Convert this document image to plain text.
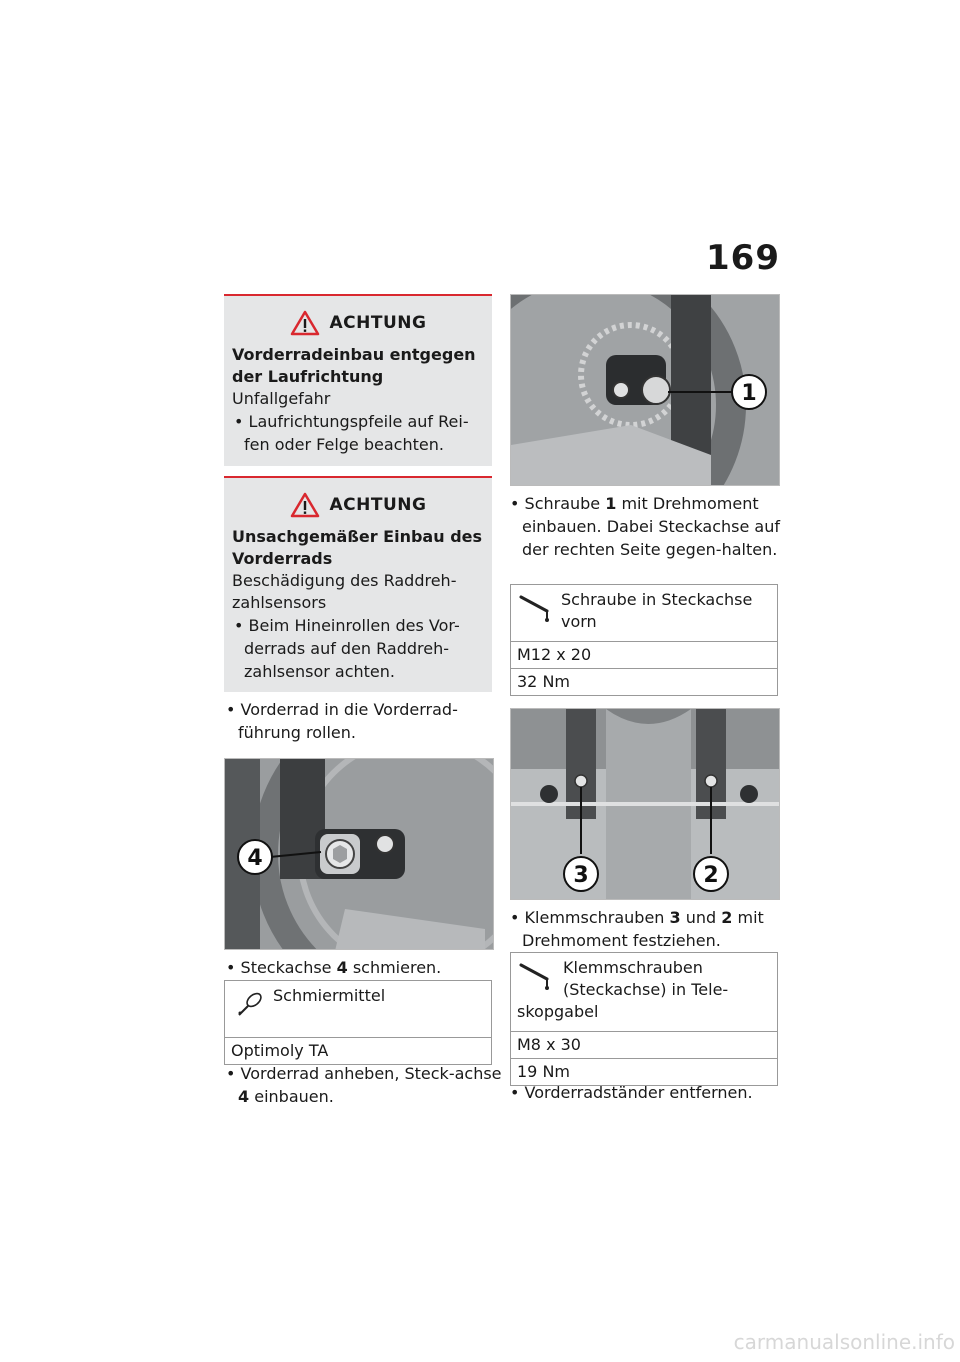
169
ACHTUNG
Vorderradeinbau entgegen der Laufrichtung
Unfallgefahr
• Laufrichtungspfeile auf Rei-fen oder Felge beachten.
ACHTUNG
Unsachgemäßer Einbau des Vorderrads
Beschädigung des Raddreh-zahlsensors
• Beim Hineinrollen des Vor-derrads auf den Raddreh-zahlsensor achten.
• Vorderrad in die Vorderrad-führung rollen.
4
• Steckachse 4 schmieren.
Schmiermittel
Optimoly TA
• Vorderrad anheben, Steck-achse 4 einbauen.
1
• Schraube 1 mit Drehmoment einbauen. Dabei Steckachse auf der rechten Seite gegen-halten.
Schraube in Steckachse vorn
M12 x 20
32 Nm
3	2
• Klemmschrauben 3 und 2 mit Drehmoment festziehen.
Klemmschrauben (Steckachse) in Tele-skopgabel
M8 x 30
19 Nm
• Vorderradständer entfernen.
carmanualsonline.info
